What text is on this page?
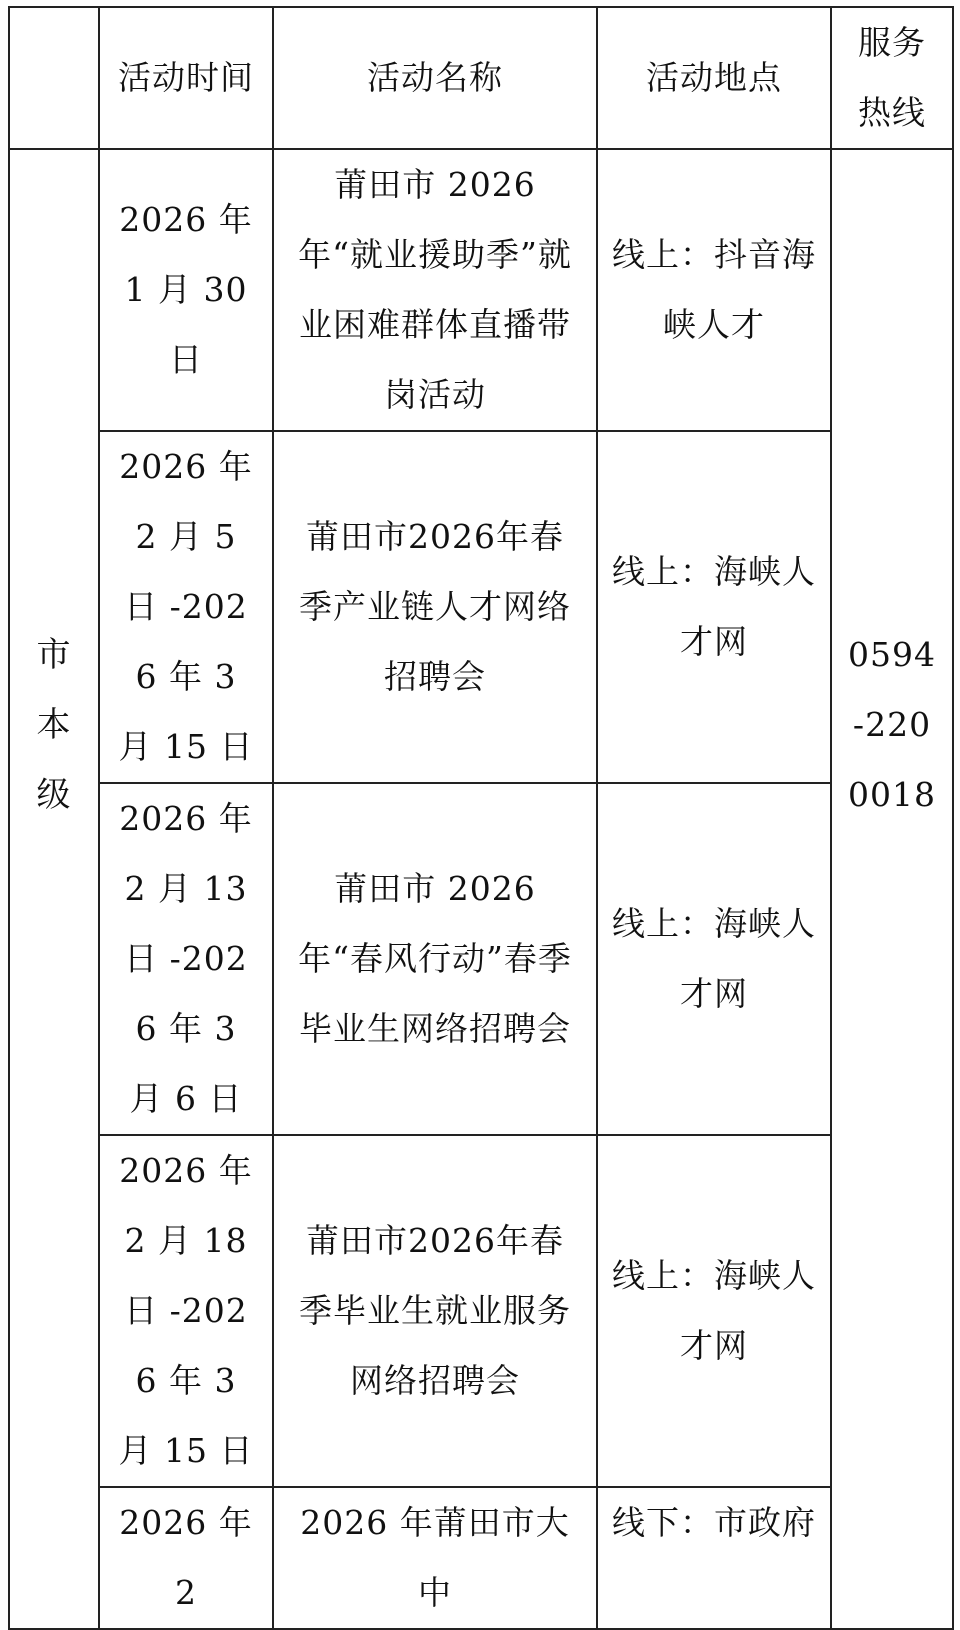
	活动时间	活动名称	活动地点	服务热线

市本级	2026 年 1 月 30 日	莆田市 2026 年“就业援助季”就业困难群体直播带岗活动	线上：抖音海峡人才	0594-2200018

	2026 年 2 月 5 日 -2026 年 3 月 15 日	莆田市2026年春季产业链人才网络招聘会	线上：海峡人才网	

	2026 年 2 月 13 日 -2026 年 3 月 6 日	莆田市 2026 年“春风行动”春季毕业生网络招聘会	线上：海峡人才网	

	2026 年 2 月 18 日 -2026 年 3 月 15 日	莆田市2026年春季毕业生就业服务网络招聘会	线上：海峡人才网	

	2026 年 2	2026 年莆田市大中	线下：市政府	
